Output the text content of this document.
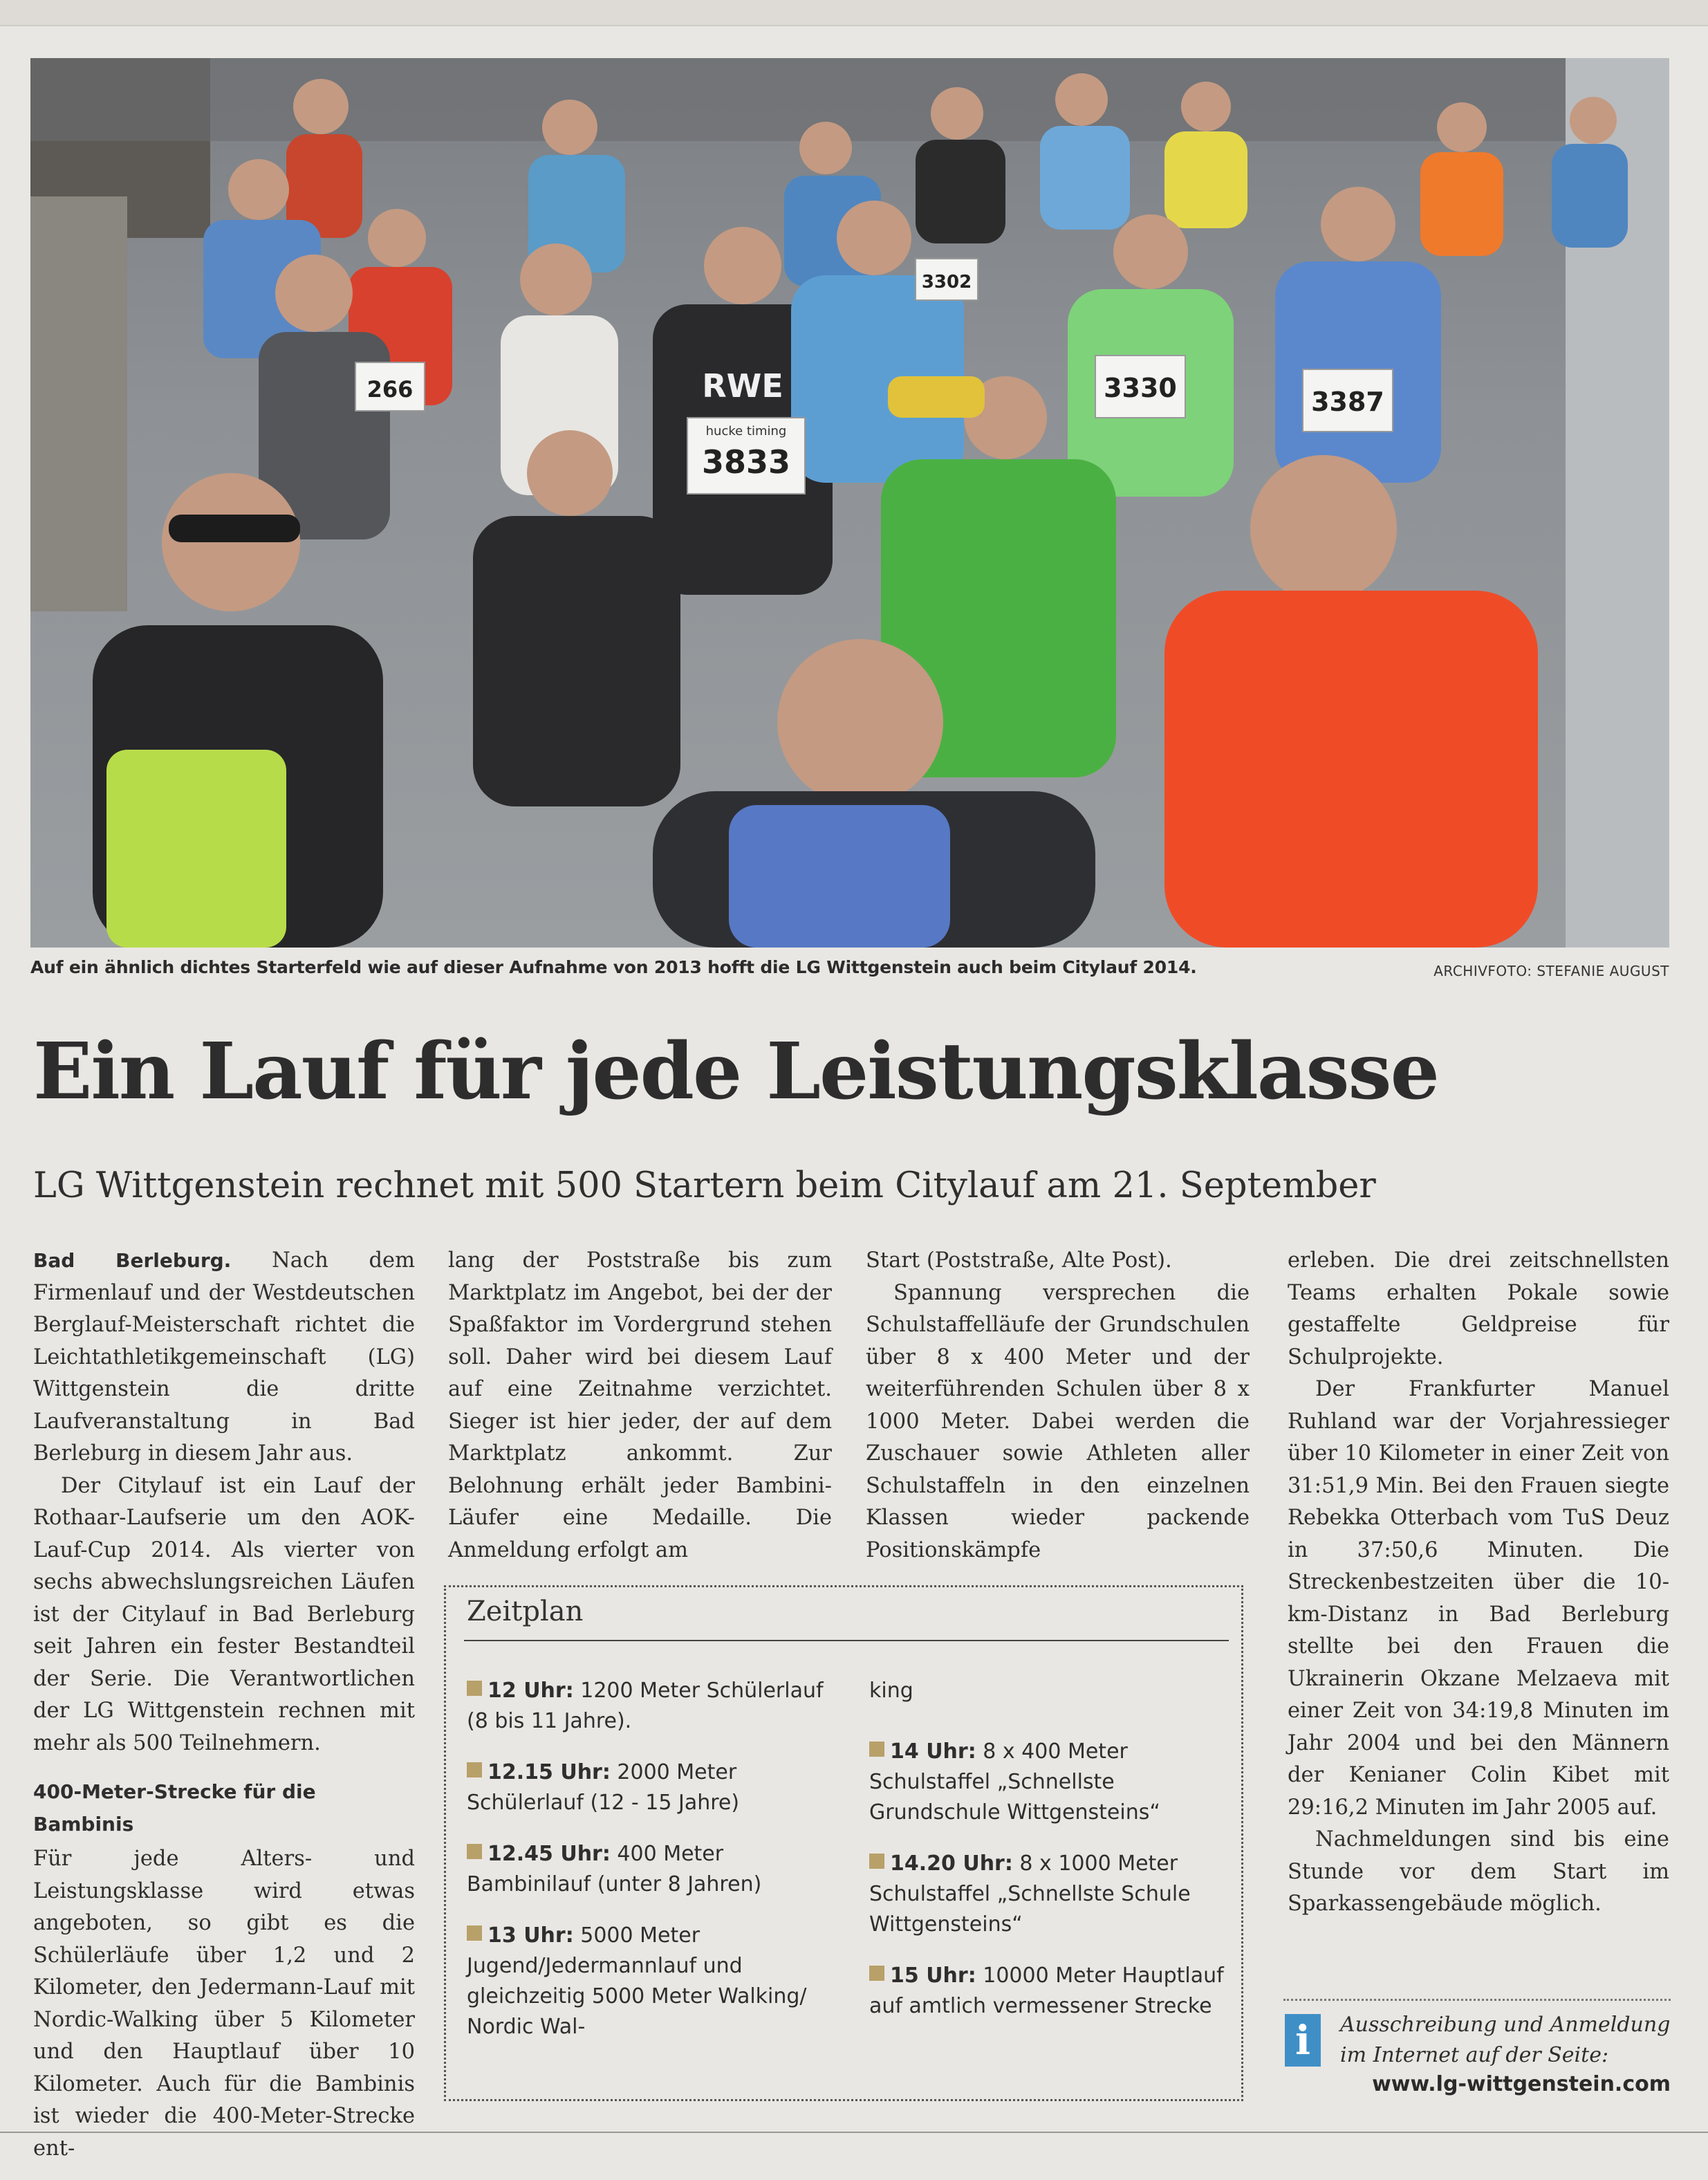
hucke timing
3833
3330	3387
3302
266	RWE
Auf ein ähnlich dichtes Starterfeld wie auf dieser Aufnahme von 2013 hofft die LG Wittgenstein auch beim Citylauf 2014.	ARCHIVFOTO: STEFANIE AUGUST
Ein Lauf für jede Leistungsklasse
LG Wittgenstein rechnet mit 500 Startern beim Citylauf am 21. September

Bad Berleburg. Nach dem Firmenlauf und der Westdeutschen Berglauf-Meisterschaft richtet die Leichtathletikgemeinschaft (LG) Wittgenstein die dritte Laufveranstaltung in Bad Berleburg in diesem Jahr aus.

Der Citylauf ist ein Lauf der Rothaar-Laufserie um den AOK-Lauf-Cup 2014. Als vierter von sechs abwechslungsreichen Läufen ist der Citylauf in Bad Berleburg seit Jahren ein fester Bestandteil der Serie. Die Verantwortlichen der LG Wittgenstein rechnen mit mehr als 500 Teilnehmern.

400-Meter-Strecke für die Bambinis

Für jede Alters- und Leistungsklasse wird etwas angeboten, so gibt es die Schülerläufe über 1,2 und 2 Kilometer, den Jedermann-Lauf mit Nordic-Walking über 5 Kilometer und den Hauptlauf über 10 Kilometer. Auch für die Bambinis ist wieder die 400-Meter-Strecke ent-

lang der Poststraße bis zum Marktplatz im Angebot, bei der der Spaßfaktor im Vordergrund stehen soll. Daher wird bei diesem Lauf auf eine Zeitnahme verzichtet. Sieger ist hier jeder, der auf dem Marktplatz ankommt. Zur Belohnung erhält jeder Bambini-Läufer eine Medaille. Die Anmeldung erfolgt am

Start (Poststraße, Alte Post).

Spannung versprechen die Schulstaffelläufe der Grundschulen über 8 x 400 Meter und der weiterführenden Schulen über 8 x 1000 Meter. Dabei werden die Zuschauer sowie Athleten aller Schulstaffeln in den einzelnen Klassen wieder packende Positionskämpfe

erleben. Die drei zeitschnellsten Teams erhalten Pokale sowie gestaffelte Geldpreise für Schulprojekte.

Der Frankfurter Manuel Ruhland war der Vorjahressieger über 10 Kilometer in einer Zeit von 31:51,9 Min. Bei den Frauen siegte Rebekka Otterbach vom TuS Deuz in 37:50,6 Minuten. Die Streckenbestzeiten über die 10-km-Distanz in Bad Berleburg stellte bei den Frauen die Ukrainerin Okzane Melzaeva mit einer Zeit von 34:19,8 Minuten im Jahr 2004 und bei den Männern der Kenianer Colin Kibet mit 29:16,2 Minuten im Jahr 2005 auf.

Nachmeldungen sind bis eine Stunde vor dem Start im Sparkassengebäude möglich.

Zeitplan
12 Uhr: 1200 Meter Schülerlauf (8 bis 11 Jahre).
12.15 Uhr: 2000 Meter Schülerlauf (12 - 15 Jahre)
12.45 Uhr: 400 Meter Bambinilauf (unter 8 Jahren)
13 Uhr: 5000 Meter Jugend/Jedermannlauf und gleichzeitig 5000 Meter Walking/ Nordic Wal-
king
14 Uhr: 8 x 400 Meter Schulstaffel „Schnellste Grundschule Wittgensteins“
14.20 Uhr: 8 x 1000 Meter Schulstaffel „Schnellste Schule Wittgensteins“
15 Uhr: 10000 Meter Hauptlauf auf amtlich vermessener Strecke
i	Ausschreibung und Anmeldung im Internet auf der Seite:
www.lg-wittgenstein.com
